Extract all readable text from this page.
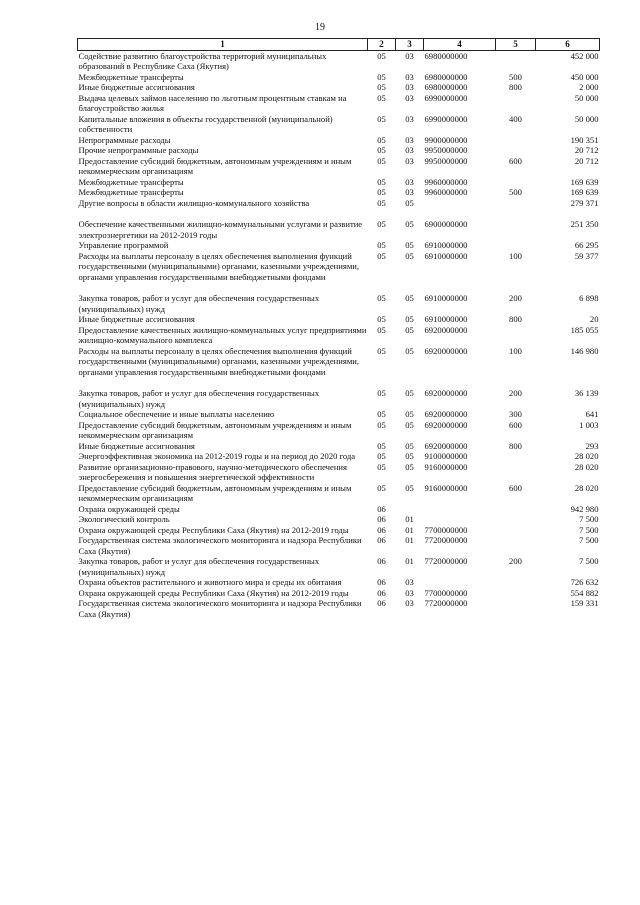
19
1	2	3	4	5	6
Содействие развитию благоустройства территорий муниципальных образований в Республике Саха (Якутия)	05	03	6980000000		452 000
Межбюджетные трансферты	05	03	6980000000	500	450 000
Иные бюджетные ассигнования	05	03	6980000000	800	2 000
Выдача целевых займов населению по льготным процентным ставкам на благоустройство жилья	05	03	6990000000		50 000
Капитальные вложения в объекты государственной (муниципальной) собственности	05	03	6990000000	400	50 000
Непрограммные расходы	05	03	9900000000		190 351
Прочие непрограммные расходы	05	03	9950000000		20 712
Предоставление субсидий бюджетным, автономным учреждениям и иным некоммерческим организациям	05	03	9950000000	600	20 712
Межбюджетные трансферты	05	03	9960000000		169 639
Межбюджетные трансферты	05	03	9960000000	500	169 639
Другие вопросы в области жилищно-коммунального хозяйства	05	05			279 371

Обеспечение качественными жилищно-коммунальными услугами и развитие электроэнергетики на 2012-2019 годы	05	05	6900000000		251 350
Управление программой	05	05	6910000000		66 295
Расходы на выплаты персоналу в целях обеспечения выполнения функций государственными (муниципальными) органами, казенными учреждениями, органами управления государственными внебюджетными фондами	05	05	6910000000	100	59 377

Закупка товаров, работ и услуг для обеспечения государственных (муниципальных) нужд	05	05	6910000000	200	6 898
Иные бюджетные ассигнования	05	05	6910000000	800	20
Предоставление качественных жилищно-коммунальных услуг предприятиями жилищно-коммунального комплекса	05	05	6920000000		185 055
Расходы на выплаты персоналу в целях обеспечения выполнения функций государственными (муниципальными) органами, казенными учреждениями, органами управления государственными внебюджетными фондами	05	05	6920000000	100	146 980

Закупка товаров, работ и услуг для обеспечения государственных (муниципальных) нужд	05	05	6920000000	200	36 139
Социальное обеспечение и иные выплаты населению	05	05	6920000000	300	641
Предоставление субсидий бюджетным, автономным учреждениям и иным некоммерческим организациям	05	05	6920000000	600	1 003
Иные бюджетные ассигнования	05	05	6920000000	800	293
Энергоэффективная экономика на 2012-2019 годы и на период до 2020 года	05	05	9100000000		28 020
Развитие организационно-правового, научно-методического обеспечения энергосбережения и повышения энергетической эффективности	05	05	9160000000		28 020
Предоставление субсидий бюджетным, автономным учреждениям и иным некоммерческим организациям	05	05	9160000000	600	28 020
Охрана окружающей среды	06				942 980
Экологический контроль	06	01			7 500
Охрана окружающей среды Республики Саха (Якутия) на 2012-2019 годы	06	01	7700000000		7 500
Государственная система экологического мониторинга и надзора Республики Саха (Якутия)	06	01	7720000000		7 500
Закупка товаров, работ и услуг для обеспечения государственных (муниципальных) нужд	06	01	7720000000	200	7 500
Охрана объектов растительного и животного мира и среды их обитания	06	03			726 632
Охрана окружающей среды Республики Саха (Якутия) на 2012-2019 годы	06	03	7700000000		554 882
Государственная система экологического мониторинга и надзора Республики Саха (Якутия)	06	03	7720000000		159 331
